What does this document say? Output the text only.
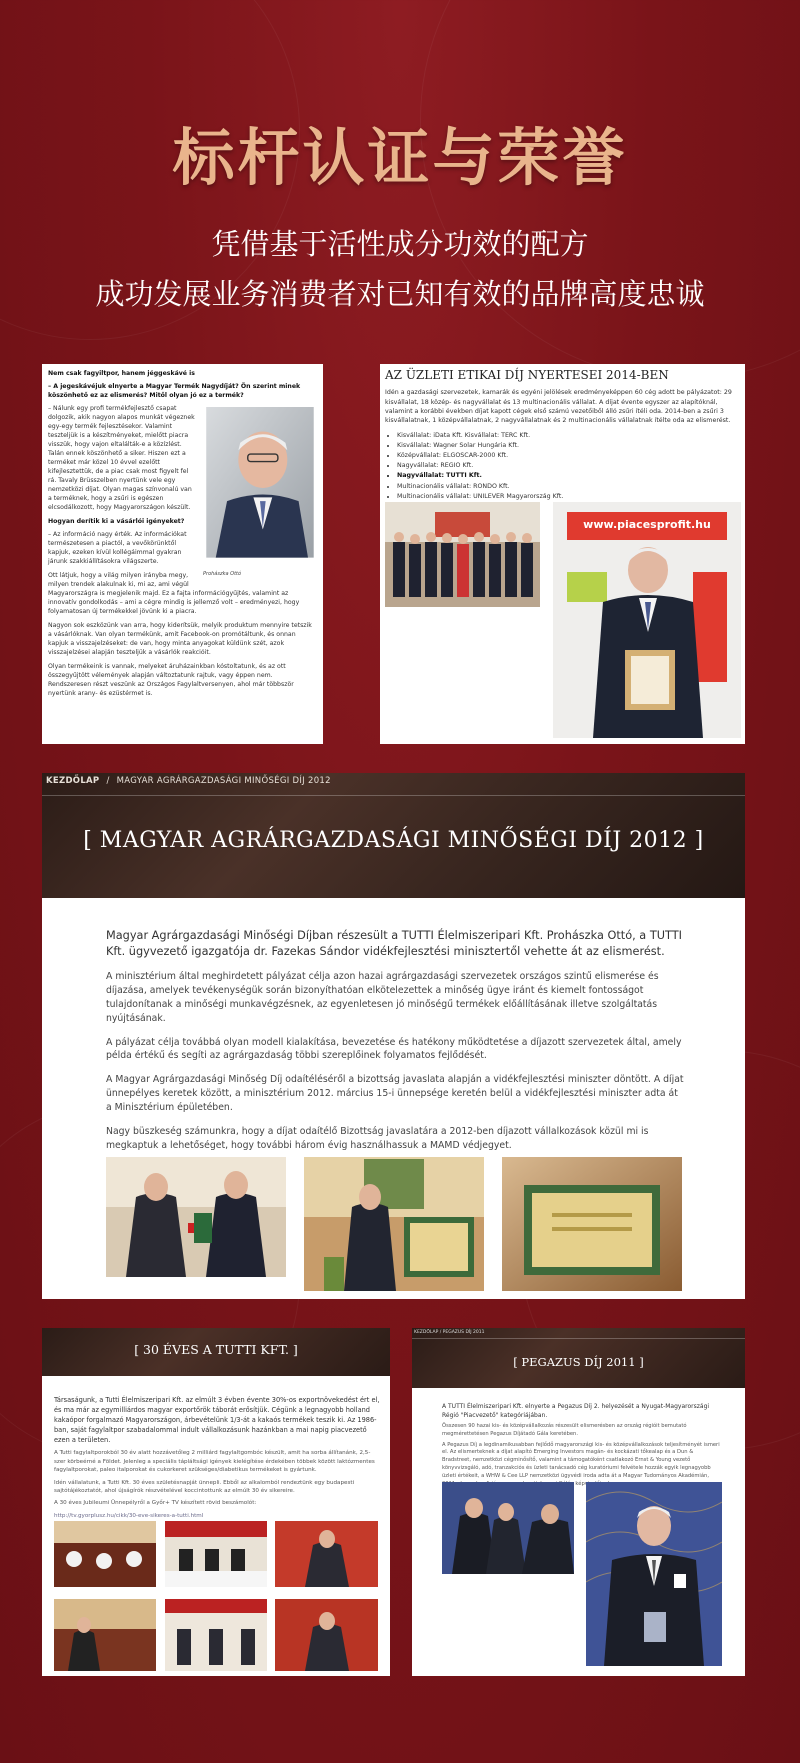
标杆认证与荣誉
凭借基于活性成分功效的配方
成功发展业务消费者对已知有效的品牌高度忠诚
Nem csak fagyiltpor, hanem jéggeskávé is
– A jegeskávéjuk elnyerte a Magyar Termék Nagydíját? Ön szerint minek köszönhető ez az elismerés? Mitől olyan jó ez a termék?
Prohászka Ottó

– Nálunk egy profi termékfejlesztő csapat dolgozik, akik nagyon alapos munkát végeznek egy-egy termék fejlesztésekor. Valamint teszteljük is a készítményeket, mielőtt piacra visszük, hogy vajon eltalálták-e a közízlést. Talán ennek köszönhető a siker. Hiszen ezt a terméket már közel 10 évvel ezelőtt kifejlesztettük, de a piac csak most figyelt fel rá. Tavaly Brüsszelben nyertünk vele egy nemzetközi díjat. Olyan magas színvonalú van a terméknek, hogy a zsűri is egészen elcsodálkozott, hogy Magyarországon készült.

Hogyan derítik ki a vásárlói igényeket?

– Az információ nagy érték. Az információkat természetesen a piactól, a vevőkörünktől kapjuk, ezeken kívül kollégáimmal gyakran járunk szakkiállításokra világszerte.

Ott látjuk, hogy a világ milyen irányba megy, milyen trendek alakulnak ki, mi az, ami végül Magyarországra is megjelenik majd. Ez a fajta információgyűjtés, valamint az innovatív gondolkodás – ami a cégre mindig is jellemző volt – eredményezi, hogy folyamatosan új termékekkel jövünk ki a piacra.

Nagyon sok eszközünk van arra, hogy kiderítsük, melyik produktum mennyire tetszik a vásárlóknak. Van olyan termékünk, amit Facebook-on promótáltunk, és onnan kapjuk a visszajelzéseket: de van, hogy minta anyagokat küldünk szét, azok visszajelzései alapján teszteljük a vásárlók reakcióit.

Olyan termékeink is vannak, melyeket áruházainkban kóstoltatunk, és az ott összegyűjtött vélemények alapján változtatunk rajtuk, vagy éppen nem. Rendszeresen részt veszünk az Országos Fagylaltversenyen, ahol már többször nyertünk arany- és ezüstérmet is.

AZ ÜZLETI ETIKAI DÍJ NYERTESEI 2014-BEN
Idén a gazdasági szervezetek, kamarák és egyéni jelölések eredményeképpen 60 cég adott be pályázatot: 29 kisvállalat, 18 közép- és nagyvállalat és 13 multinacionális vállalat. A díjat évente egyszer az alapítóknál, valamint a korábbi években díjat kapott cégek első számú vezetőiből álló zsűri ítéli oda. 2014-ben a zsűri 3 kisvállalatnak, 1 középvállalatnak, 2 nagyvállalatnak és 2 multinacionális vállalatnak ítélte oda az elismerést.
• Kisvállalat: iData Kft. Kisvállalat: TERC Kft.
• Kisvállalat: Wagner Solar Hungária Kft.
• Középvállalat: ELGOSCAR-2000 Kft.
• Nagyvállalat: REGIO Kft.
• Nagyvállalat: TUTTI Kft.
• Multinacionális vállalat: RONDO Kft.
• Multinacionális vállalat: UNILEVER Magyarország Kft.
www.piacesprofit.hu
KEZDŐLAP / MAGYAR AGRÁRGAZDASÁGI MINŐSÉGI DÍJ 2012
[ MAGYAR AGRÁRGAZDASÁGI MINŐSÉGI DÍJ 2012 ]
Magyar Agrárgazdasági Minőségi Díjban részesült a TUTTI Élelmiszeripari Kft. Prohászka Ottó, a TUTTI Kft. ügyvezető igazgatója dr. Fazekas Sándor vidékfejlesztési minisztertől vehette át az elismerést.

A minisztérium által meghirdetett pályázat célja azon hazai agrárgazdasági szervezetek országos szintű elismerése és díjazása, amelyek tevékenységük során bizonyíthatóan elkötelezettek a minőség ügye iránt és kiemelt fontosságot tulajdonítanak a minőségi munkavégzésnek, az egyenletesen jó minőségű termékek előállításának illetve szolgáltatás nyújtásának.

A pályázat célja továbbá olyan modell kialakítása, bevezetése és hatékony működtetése a díjazott szervezetek által, amely példa értékű és segíti az agrárgazdaság többi szereplőinek folyamatos fejlődését.

A Magyar Agrárgazdasági Minőség Díj odaítéléséről a bizottság javaslata alapján a vidékfejlesztési miniszter döntött. A díjat ünnepélyes keretek között, a minisztérium 2012. március 15-i ünnepsége keretén belül a vidékfejlesztési miniszter adta át a Minisztérium épületében.

Nagy büszkeség számunkra, hogy a díjat odaítélő Bizottság javaslatára a 2012-ben díjazott vállalkozások közül mi is megkaptuk a lehetőséget, hogy további három évig használhassuk a MAMD védjegyet.

[ 30 ÉVES A TUTTI KFT. ]
Társaságunk, a Tutti Élelmiszeripari Kft. az elmúlt 3 évben évente 30%-os exportnövekedést ért el, és ma már az egymilliárdos magyar exportőrök táborát erősítjük. Cégünk a legnagyobb holland kakaópor forgalmazó Magyarországon, árbevételünk 1/3-át a kakaós termékek teszik ki. Az 1986-ban, saját fagylaltpor szabadalommal indult vállalkozásunk hazánkban a mai napig piacvezető ezen a területen.

A Tutti fagylaltporokból 30 év alatt hozzávetőleg 2 milliárd fagylaltgombóc készült, amit ha sorba állítanánk, 2,5-szer körbeérné a Földet. Jelenleg a speciális tápláltsági igények kielégítése érdekében többek között laktózmentes fagylaltporokat, paleo italporokat és cukorkeret szükséges/diabetikus termékeket is gyártunk.

Idén vállalatunk, a Tutti Kft. 30 éves születésnapját ünnepli. Ebből az alkalomból rendeztünk egy budapesti sajtótájékoztatót, ahol újságírók részvételével koccintottunk az elmúlt 30 év sikereire.

A 30 éves Jubileumi Ünnepélyről a Győr+ TV készített rövid beszámolót:

http://tv.gyorplusz.hu/cikk/30-eve-sikeres-a-tutti.html

KEZDŐLAP / PEGAZUS DÍJ 2011
[ PEGAZUS DÍJ 2011 ]
A TUTTI Élelmiszeripari Kft. elnyerte a Pegazus Díj 2. helyezését a Nyugat-Magyarországi Régió "Piacvezető" kategóriájában.

Összesen 90 hazai kis- és középvállalkozás részesült elismerésben az ország régióit bemutató megmérettetésen Pegazus Díjátadó Gála keretében.

A Pegazus Díj a legdinamikusabban fejlődő magyarországi kis- és középvállalkozások teljesítményét ismeri el. Az elismerteknek a díjat alapító Emerging Investors magán- és kockázati tőkealap és a Dun & Bradstreet, nemzetközi cégminősítő, valamint a támogatóként csatlakozó Ernst & Young vezető könyvvizsgáló, adó, tranzakciós és üzleti tanácsadó cég kuratóriumi felvétele hozzák egyik legnagyobb üzleti értékeit, a WHW & Cee LLP nemzetközi ügyvédi iroda adta át a Magyar Tudományos Akadémián,
